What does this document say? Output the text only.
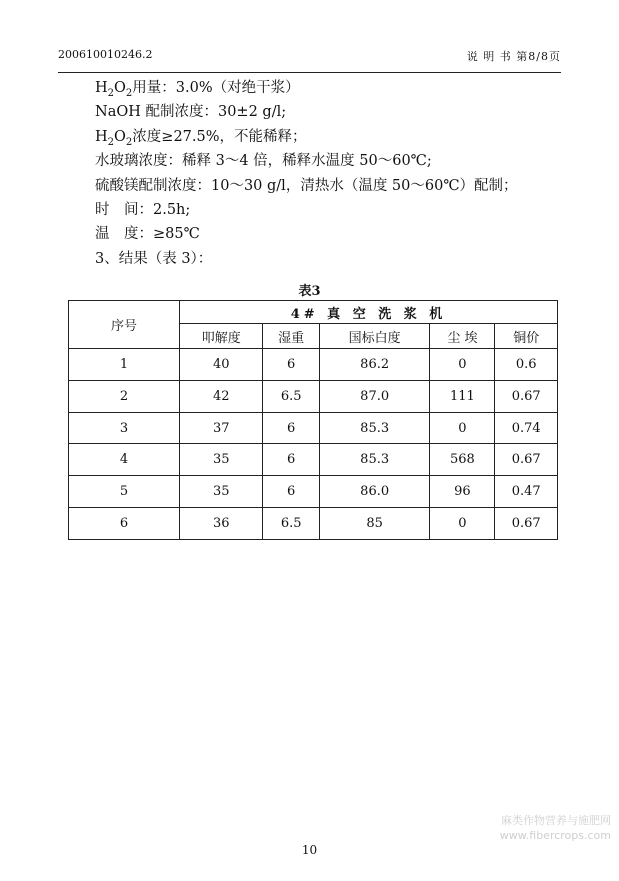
200610010246.2	说 明 书 第8/8页
$H_2O_2$用量：3.0%（对绝干浆）
NaOH 配制浓度：30±2 g/l;
$H_2O_2$浓度≥27.5%，不能稀释；
水玻璃浓度：稀释 3～4 倍，稀释水温度 50～60℃;
硫酸镁配制浓度：10～30 g/l，清热水（温度 50～60℃）配制；
时　间：2.5h;
温　度：≥85℃
3、结果（表 3）：
表3
序号	4# 真 空 洗 浆 机				
	叩解度	湿重	国标白度	尘 埃	铜价
1	40	6	86.2	0	0.6
2	42	6.5	87.0	111	0.67
3	37	6	85.3	0	0.74
4	35	6	85.3	568	0.67
5	35	6	86.0	96	0.47
6	36	6.5	85	0	0.67
10
麻类作物营养与施肥网
www.fibercrops.com
